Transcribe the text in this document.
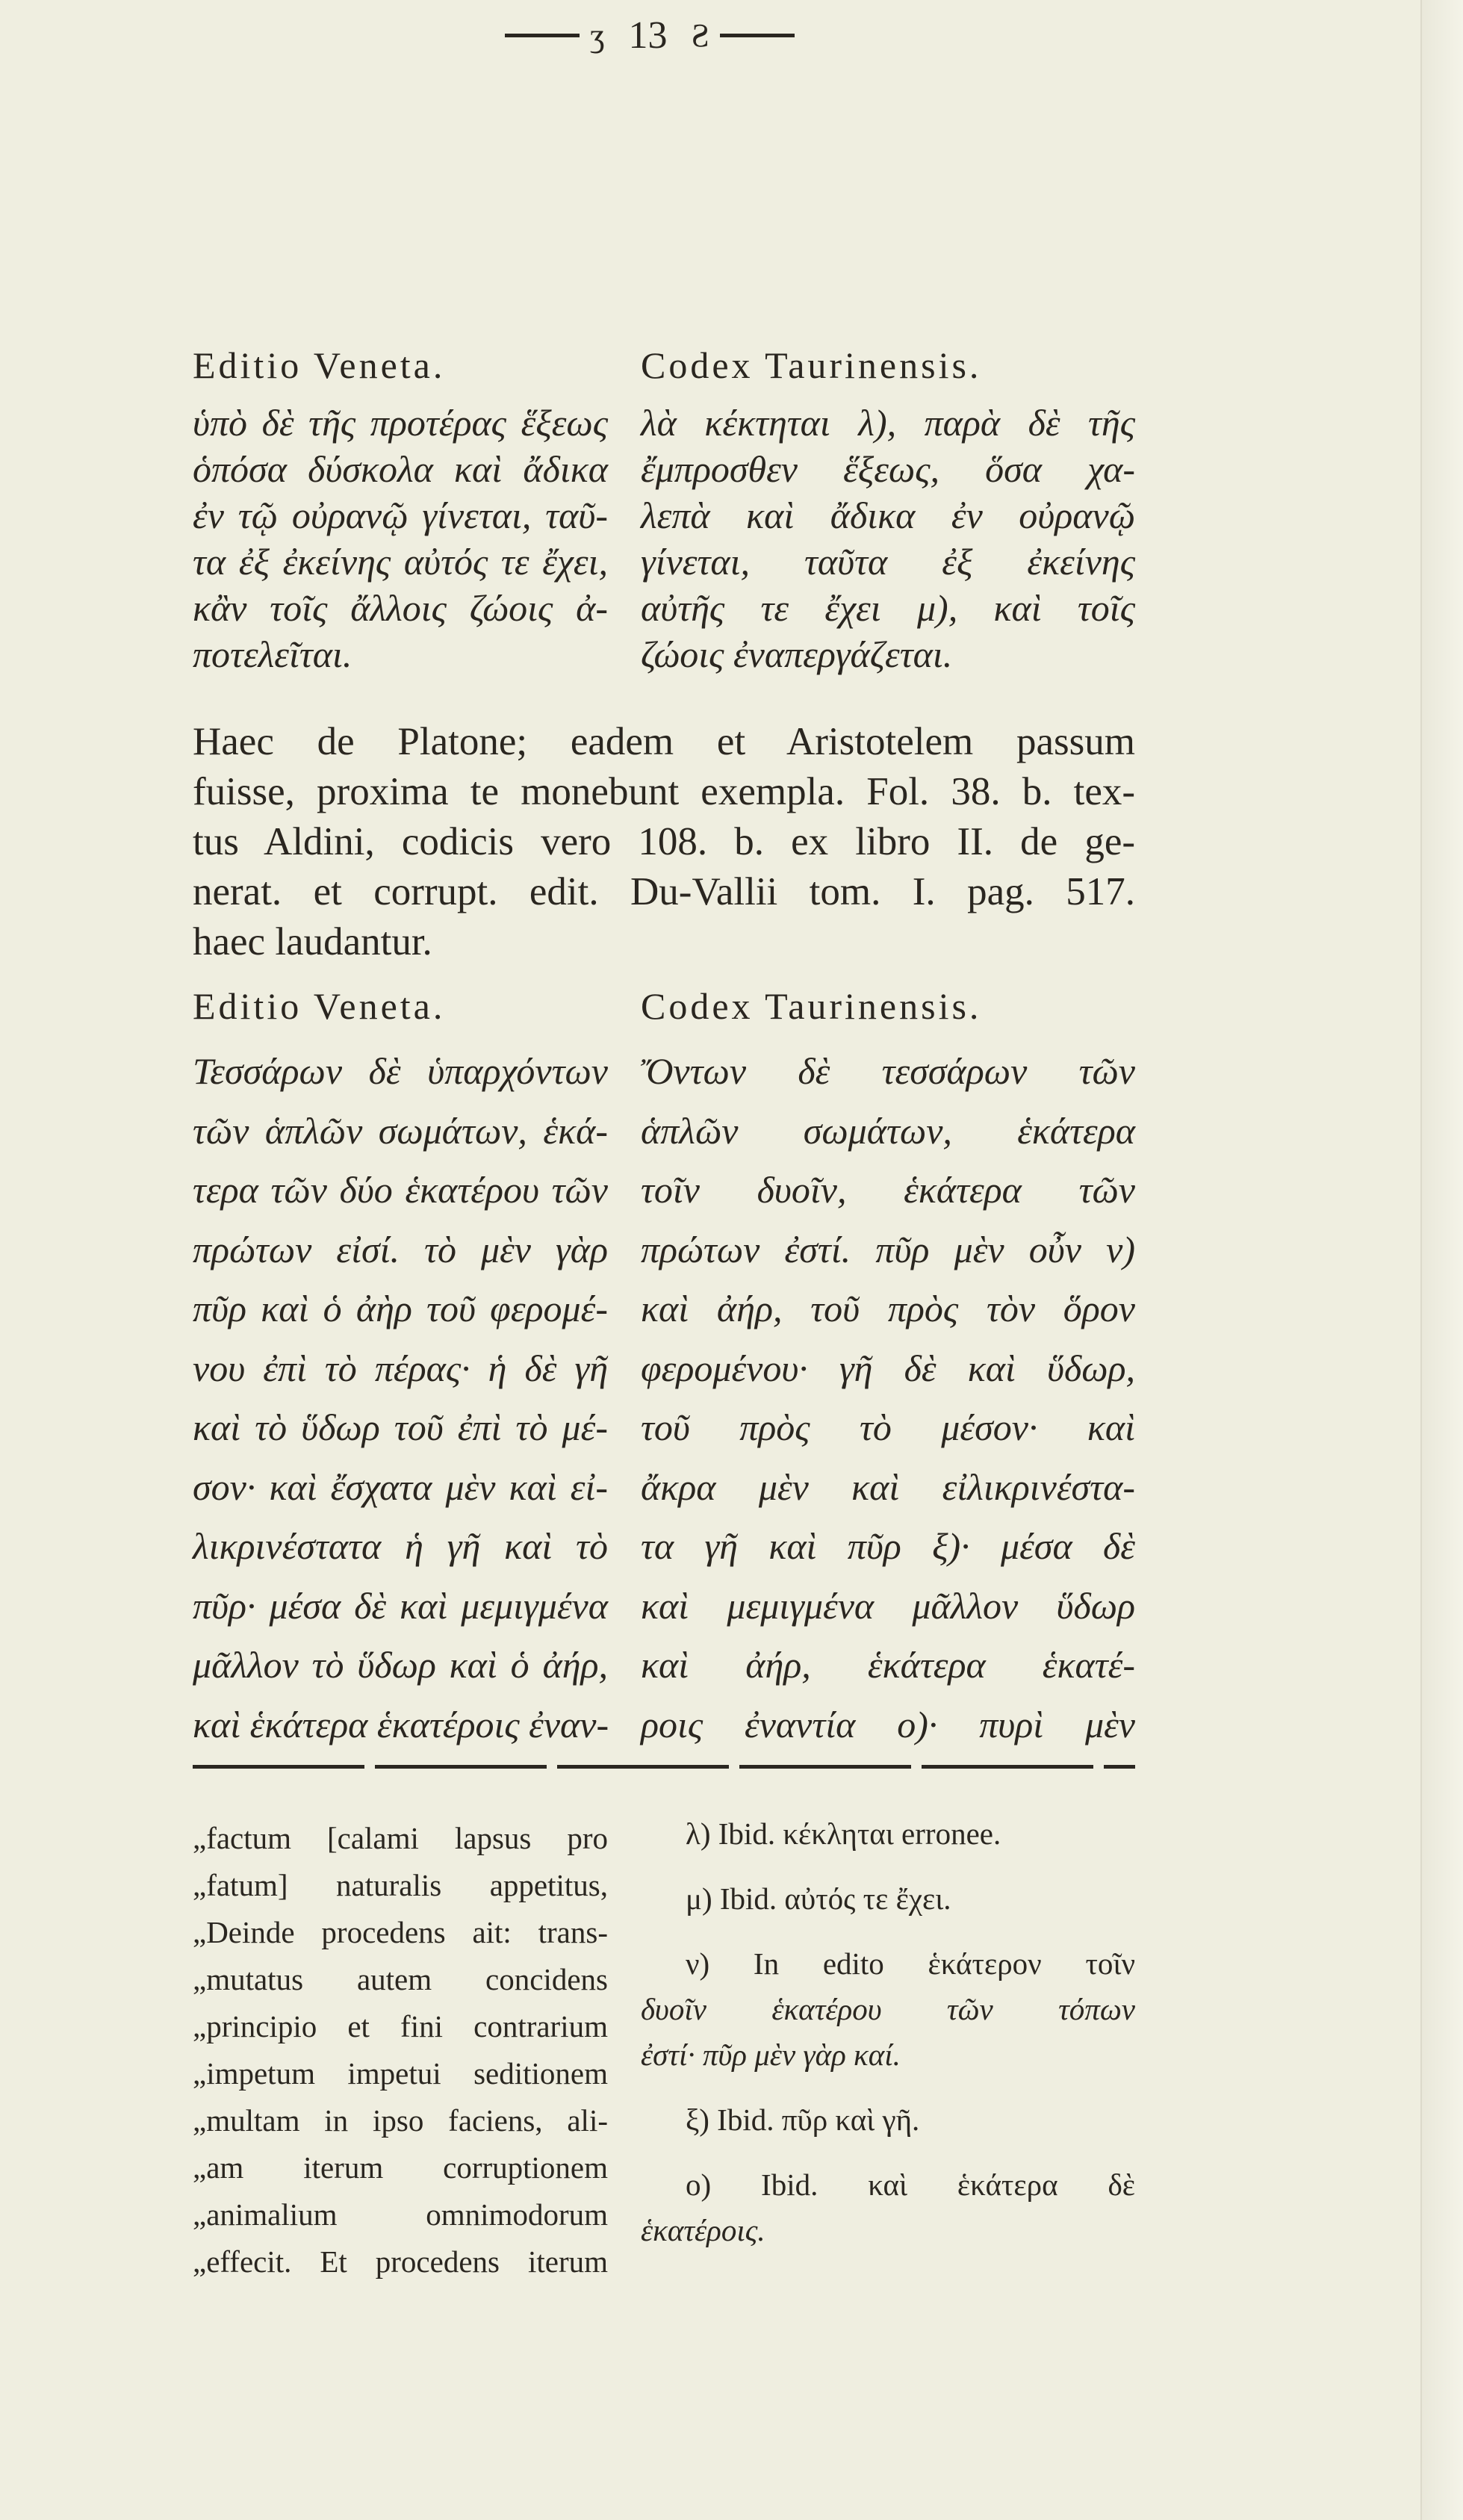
ʒ 13 Ƨ
Editio Veneta.	Codex Taurinensis.
ὑπὸ δὲ τῆς προτέρας ἕξεως
ὁπόσα δύσκολα καὶ ἄδικα
ἐν τῷ οὐρανῷ γίνεται, ταῦ-
τα ἐξ ἐκείνης αὐτός τε ἔχει,
κἂν τοῖς ἄλλοις ζώοις ἀ-
ποτελεῖται.
λὰ κέκτηται λ), παρὰ δὲ τῆς
ἔμπροσθεν ἕξεως, ὅσα χα-
λεπὰ καὶ ἄδικα ἐν οὐρανῷ
γίνεται, ταῦτα ἐξ ἐκείνης
αὐτῆς τε ἔχει μ), καὶ τοῖς
ζώοις ἐναπεργάζεται.
Haec de Platone; eadem et Aristotelem passum
fuisse, proxima te monebunt exempla. Fol. 38. b. tex-
tus Aldini, codicis vero 108. b. ex libro II. de ge-
nerat. et corrupt. edit. Du-Vallii tom. I. pag. 517.
haec laudantur.
Editio Veneta.	Codex Taurinensis.
Τεσσάρων δὲ ὑπαρχόντων
τῶν ἁπλῶν σωμάτων, ἑκά-
τερα τῶν δύο ἑκατέρου τῶν
πρώτων εἰσί. τὸ μὲν γὰρ
πῦρ καὶ ὁ ἀὴρ τοῦ φερομέ-
νου ἐπὶ τὸ πέρας· ἡ δὲ γῆ
καὶ τὸ ὕδωρ τοῦ ἐπὶ τὸ μέ-
σον· καὶ ἔσχατα μὲν καὶ εἰ-
λικρινέστατα ἡ γῆ καὶ τὸ
πῦρ· μέσα δὲ καὶ μεμιγμένα
μᾶλλον τὸ ὕδωρ καὶ ὁ ἀήρ,
καὶ ἑκάτερα ἑκατέροις ἐναν-
Ὄντων δὲ τεσσάρων τῶν
ἁπλῶν σωμάτων, ἑκάτερα
τοῖν δυοῖν, ἑκάτερα τῶν
πρώτων ἐστί. πῦρ μὲν οὖν ν)
καὶ ἀήρ, τοῦ πρὸς τὸν ὅρον
φερομένου· γῆ δὲ καὶ ὕδωρ,
τοῦ πρὸς τὸ μέσον· καὶ
ἄκρα μὲν καὶ εἰλικρινέστα-
τα γῆ καὶ πῦρ ξ)· μέσα δὲ
καὶ μεμιγμένα μᾶλλον ὕδωρ
καὶ ἀήρ, ἑκάτερα ἑκατέ-
ροις ἐναντία ο)· πυρὶ μὲν
„factum [calami lapsus pro
„fatum] naturalis appetitus,
„Deinde procedens ait: trans-
„mutatus autem concidens
„principio et fini contrarium
„impetum impetui seditionem
„multam in ipso faciens, ali-
„am iterum corruptionem
„animalium omnimodorum
„effecit. Et procedens iterum
λ) Ibid. κέκληται erronee.
μ) Ibid. αὐτός τε ἔχει.
ν) In edito ἑκάτερον τοῖν
δυοῖν ἑκατέρου τῶν τόπων
ἐστί· πῦρ μὲν γὰρ καί.
ξ) Ibid. πῦρ καὶ γῆ.
ο) Ibid. καὶ ἑκάτερα δὲ
ἑκατέροις.
